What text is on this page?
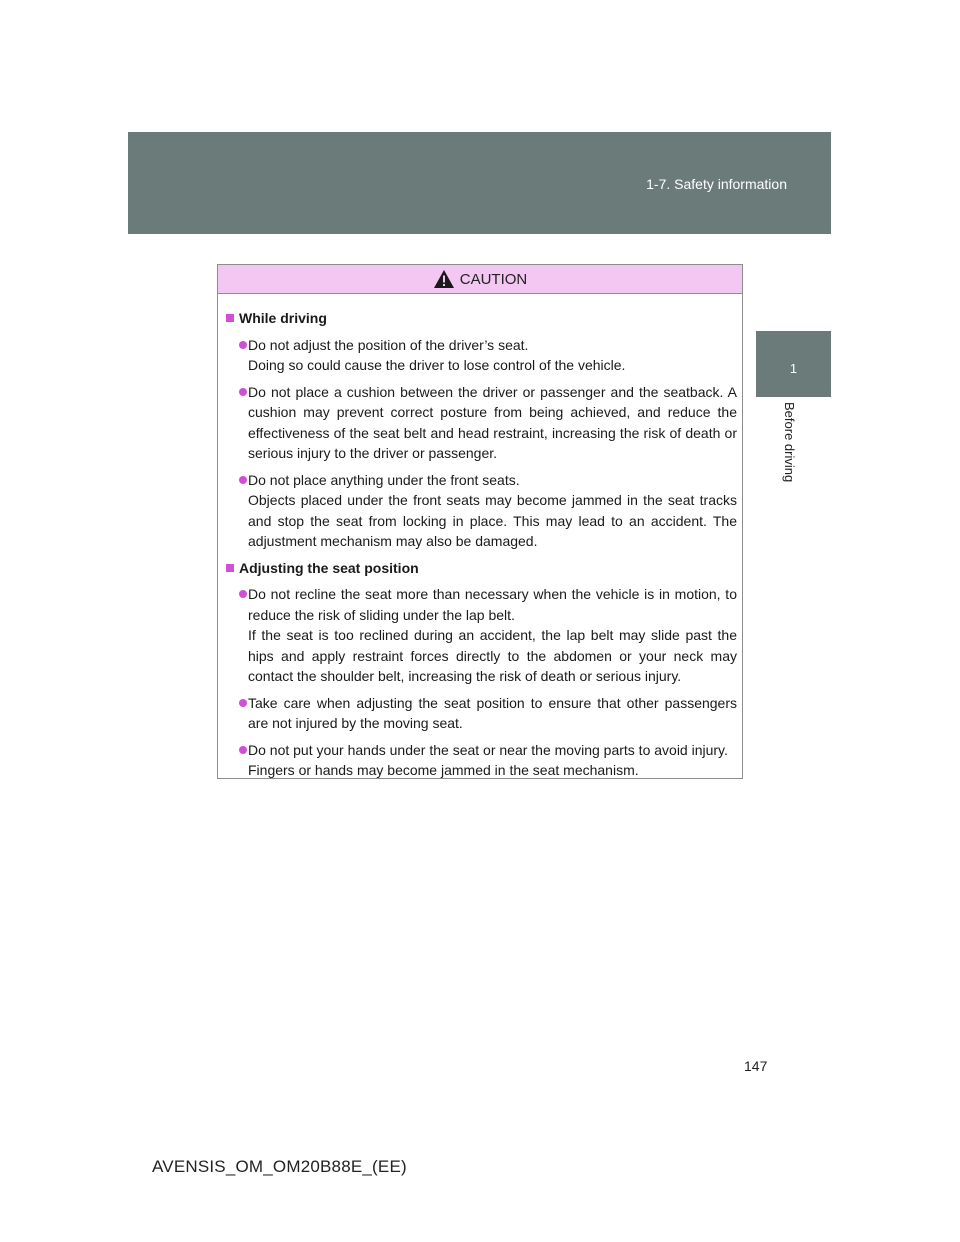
1-7. Safety information
1
Before driving
CAUTION
While driving
Do not adjust the position of the driver’s seat.
Doing so could cause the driver to lose control of the vehicle.
Do not place a cushion between the driver or passenger and the seatback. A cushion may prevent correct posture from being achieved, and reduce the effectiveness of the seat belt and head restraint, increasing the risk of death or serious injury to the driver or passenger.
Do not place anything under the front seats.
Objects placed under the front seats may become jammed in the seat tracks and stop the seat from locking in place. This may lead to an accident. The adjustment mechanism may also be damaged.
Adjusting the seat position
Do not recline the seat more than necessary when the vehicle is in motion, to reduce the risk of sliding under the lap belt.
If the seat is too reclined during an accident, the lap belt may slide past the hips and apply restraint forces directly to the abdomen or your neck may contact the shoulder belt, increasing the risk of death or serious injury.
Take care when adjusting the seat position to ensure that other passengers are not injured by the moving seat.
Do not put your hands under the seat or near the moving parts to avoid injury.
Fingers or hands may become jammed in the seat mechanism.
147
AVENSIS_OM_OM20B88E_(EE)
